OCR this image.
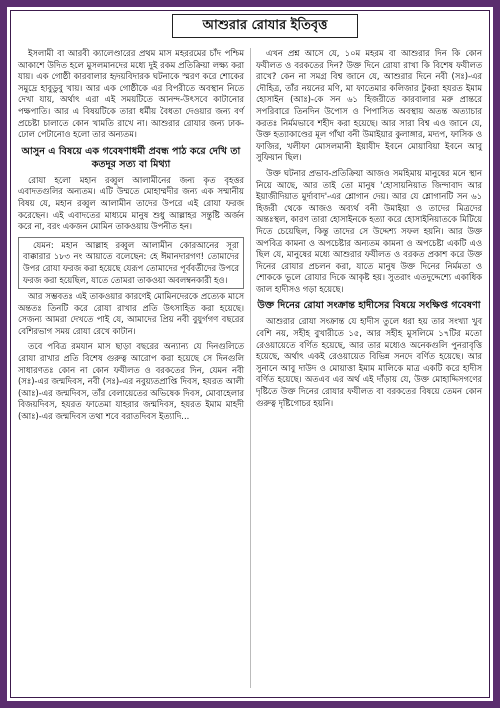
আশুরার রোযার ইতিবৃত্ত

ইসলামী বা আরবী ক্যালেণ্ডারের প্রথম মাস মহররমের চাঁদ পশ্চিম আকাশে উদিত হলে মুসলমানদের মধ্যে দুই রকম প্রতিক্রিয়া লক্ষ্য করা যায়। এক গোষ্ঠী কারবালার হৃদয়বিদারক ঘটনাকে স্মরণ করে শোকের সমুদ্রে হাবুডুবু খায়। আর এক গোষ্ঠীকে এর বিপরীতে অবস্থান নিতে দেখা যায়, অর্থাৎ এরা এই সময়টিতে আনন্দ-উৎসবে কাটানোর পক্ষপাতি। আর এ বিষয়টিকে তারা ধর্মীয় বৈধতা দেওয়ার জন্য বর্ণ প্রচেষ্টা চালাতে কোন খামতি রাখে না। আশুরার রোযার জন্য ঢাক-ঢোল পেটানোও হলো তার অন্যতম।

আসুন এ বিষয়ে এক গবেষণাধর্মী প্রবন্ধ পাঠ করে দেখি তা কতদূর সত্য বা মিথ্যা

রোযা হলো মহান রব্বুল আলামীনের জন্য কৃত বৃহত্তর এবাদতগুলির অন্যতম। এটি উম্মতে মোহাম্মদীর জন্য এক সম্মানীয় বিষয় যে, মহান রব্বুল আলামীন তাদের উপরে এই রোযা ফরজ করেছেন। এই এবাদতের মাধ্যমে মানুষ শুধু আল্লাহর সন্তুষ্টি অর্জন করে না, বরং একজন মোমিন তাকওয়ায় উপনীত হন।

যেমন: মহান আল্লাহ রব্বুল আলামীন কোরআনের সূরা বাক্কারার ১৮৩ নং আয়াতে বলেছেন: হে ঈমানদারগণ! তোমাদের উপর রোযা ফরজ করা হয়েছে যেরূপ তোমাদের পূর্ববর্তীদের উপরে ফরজ করা হয়েছিল, যাতে তোমরা তাকওয়া অবলম্বনকারী হও।

আর সম্ভবতঃ এই তাকওয়ার কারণেই মোমিনদেরকে প্রত্যেক মাসে অন্ততঃ তিনটি করে রোযা রাখার প্রতি উৎসাহিত করা হয়েছে। সেজন্য আমরা দেখতে পাই যে, আমাদের প্রিয় নবী বুযুর্গগণ বছরের বেশিরভাগ সময় রোযা রেখে কাটান।

তবে পবিত্র রমযান মাস ছাড়া বছরের অন্যান্য যে দিনগুলিতে রোযা রাখার প্রতি বিশেষ গুরুত্ব আরোপ করা হয়েছে সে দিনগুলি সাধারণতঃ কোন না কোন ফযীলত ও বরকতের দিন, যেমন নবী (সঃ)-এর জন্মদিবস, নবী (সঃ)-এর নবুয়্যতপ্রাপ্তি দিবস, হযরত আলী (আঃ)-এর জন্মদিবস, তাঁর বেলায়েতের অভিষেক দিবস, মোবাহেলার বিজয়দিবস, হযরত ফাতেমা যাহরার জন্মদিবস, হযরত ইমাম মাহদী (আঃ)-এর জন্মদিবস তথা শবে বরাতদিবস ইত্যাদি...

এখন প্রশ্ন আসে যে, ১০ম মহরম বা আশুরার দিন কি কোন ফযীলত ও বরকতের দিন? উক্ত দিনে রোযা রাখা কি বিশেষ ফযীলত রাখে? কেন না সমগ্র বিশ্ব জানে যে, আশুরার দিনে নবী (সঃ)-এর দৌহিত্র, তাঁর নয়নের মণি, মা ফাতেমার কলিজার টুকরা হযরত ইমাম হোসাইন (আঃ)-কে সন ৬১ হিজরীতে কারবালার মরু প্রান্তরে সপরিবারে তিনদিন উপোস ও পিপাসিত অবস্থায় অতন্ত অত্যাচার করতঃ নির্মমভাবে শহীদ করা হয়েছে। আর সারা বিশ্ব এও জানে যে, উক্ত হত্যাকাণ্ডের মূল গাঁথা বনী উমাইয়ার কুলাঙ্গার, মদ্যপ, ফাসিক ও ফাজির, খলীফা মোসলমানী ইয়াযীদ ইবনে মোয়াবিয়া ইবনে আবু সুফিয়ান ছিল।

উক্ত ঘটনার প্রভাব-প্রতিক্রিয়া আজও সমহিমায় মানুষের মনে স্থান নিয়ে আছে, আর তাই তো মানুষ 'হোসায়নিয়াত জিন্দাবাদ আর ইয়াজীদিয়াত মুর্দাবাদ'-এর শ্লোগান দেয়। আর যে শ্লোগানটি সন ৬১ হিজরী থেকে আজও অব্যর্থ বনী উমাইয়া ও তাদের মিত্রদের অন্তঃস্থল, কারণ তারা হোসাইনকে হত্যা করে হোসাইনিয়াতকে মিটিয়ে দিতে চেয়েছিল, কিন্তু তাদের সে উদ্দেশ্য সফল হয়নি। আর উক্ত অপবিত্র কামনা ও অপচেষ্টার অন্যতম কামনা ও অপচেষ্টা একটি এও ছিল যে, মানুষের মধ্যে আশুরার ফযীলত ও বরকত প্রকাশ করে উক্ত দিনের রোযার প্রচলন করা, যাতে মানুষ উক্ত দিনের নির্মমতা ও শোককে ভুলে রোযার দিকে আকৃষ্ট হয়। সুতরাং এতদুদ্দেশ্যে একাধিক জাল হাদীসও গড়া হয়েছে।

উক্ত দিনের রোযা সংক্রান্ত হাদীসের বিষয়ে সংক্ষিপ্ত গবেষণা

আশুরার রোযা সংক্রান্ত যে হাদীস তুলে ধরা হয় তার সংখ্যা খুব বেশি নয়, সহীহ বুখারীতে ১৫, আর সহীহ মুসলিমে ১৭টির মতো রেওয়ায়েতে বর্ণিত হয়েছে, আর তার মধ্যেও অনেকগুলি পুনরাবৃত্তি হয়েছে, অর্থাৎ একই রেওয়ায়েত বিভিন্ন সনদে বর্ণিত হয়েছে। আর সুনানে আবু দাউদ ও মোয়াত্তা ইমাম মালিকে মাত্র একটি করে হাদীস বর্ণিত হয়েছে। অতএব এর অর্থ এই দাঁড়ায় যে, উক্ত মোহাদ্দিসগণের দৃষ্টিতে উক্ত দিনের রোযার ফযীলত বা বরকতের বিষয়ে তেমন কোন গুরুত্ব দৃষ্টিগোচর হয়নি।
